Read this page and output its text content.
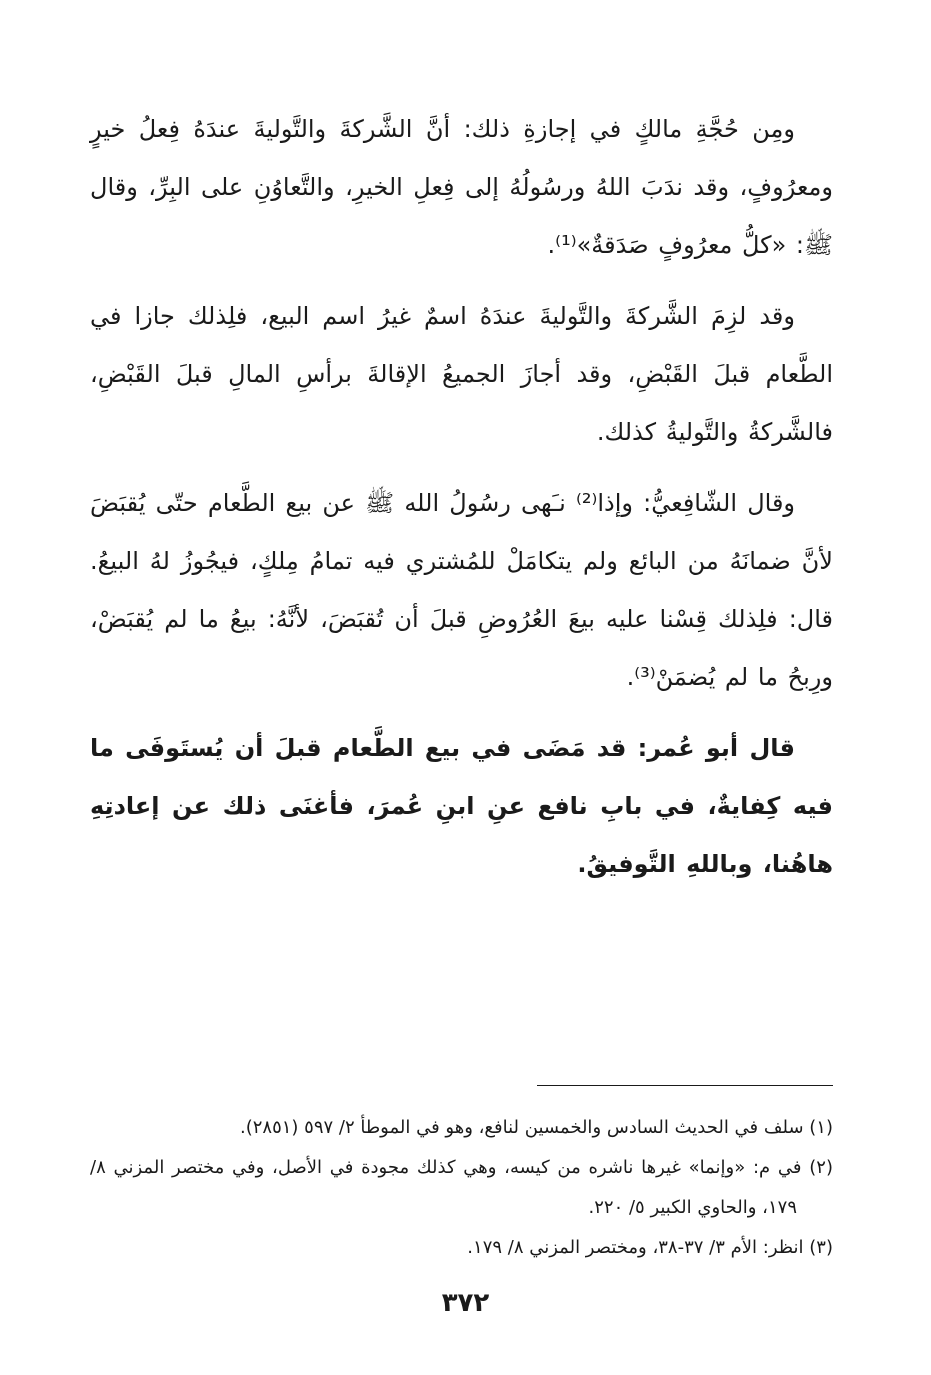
ومِن حُجَّةِ مالكٍ في إجازةِ ذلك: أنَّ الشَّركةَ والتَّوليةَ عندَهُ فِعلُ خيرٍ ومعرُوفٍ، وقد ندَبَ اللهُ ورسُولُهُ إلى فِعلِ الخيرِ، والتَّعاوُنِ على البِرِّ، وقال ﷺ: «كلُّ معرُوفٍ صَدَقةٌ»⁽¹⁾.

وقد لزِمَ الشَّركةَ والتَّوليةَ عندَهُ اسمٌ غيرُ اسم البيع، فلِذلك جازا في الطَّعام قبلَ القَبْضِ، وقد أجازَ الجميعُ الإقالةَ برأسِ المالِ قبلَ القَبْضِ، فالشَّركةُ والتَّوليةُ كذلك.

وقال الشّافِعيُّ: وإذا⁽²⁾ نـَهى رسُولُ الله ﷺ عن بيع الطَّعام حتّى يُقبَضَ لأنَّ ضمانَهُ من البائع ولم يتكامَلْ للمُشتري فيه تمامُ مِلكٍ، فيجُوزُ لهُ البيعُ. قال: فلِذلك قِسْنا عليه بيعَ العُرُوضِ قبلَ أن تُقبَضَ، لأنَّهُ: بيعُ ما لم يُقبَضْ، ورِبحُ ما لم يُضمَنْ⁽³⁾.

قال أبو عُمر: قد مَضَى في بيع الطَّعام قبلَ أن يُستَوفَى ما فيه كِفايةٌ، في بابِ نافع عنِ ابنِ عُمرَ، فأغنَى ذلك عن إعادتِهِ هاهُنا، وباللهِ التَّوفيقُ.

(١) سلف في الحديث السادس والخمسين لنافع، وهو في الموطأ ٢/ ٥٩٧ (٢٨٥١).

(٢) في م: «وإنما» غيرها ناشره من كيسه، وهي كذلك مجودة في الأصل، وفي مختصر المزني ٨/ ١٧٩، والحاوي الكبير ٥/ ٢٢٠.

(٣) انظر: الأم ٣/ ٣٧-٣٨، ومختصر المزني ٨/ ١٧٩.

٣٧٢
